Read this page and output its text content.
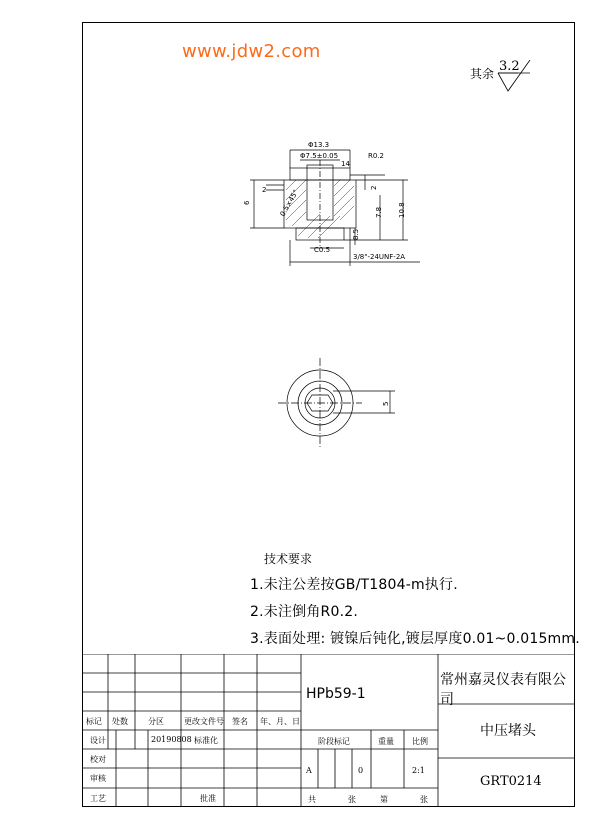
www.jdw2.com
其余 3.2
Φ13.3
Φ7.5±0.05
14
R0.2
6
2 0.5×45°
2
7.8 10.8
8.5
C0.5
3/8"-24UNF-2A
5
技术要求
1.未注公差按GB/T1804-m执行.
2.未注倒角R0.2.
3.表面处理: 镀镍后钝化,镀层厚度0.01~0.015mm.
标记 处数	分区	更改文件号 签名 年、月、日
设计	20190808 标准化
校对
审核
工艺	批准
HPb59-1
阶段标记	重量 比例
A	0	2:1
共	张	第	张
常州嘉灵仪表有限公司
中压堵头
GRT0214
